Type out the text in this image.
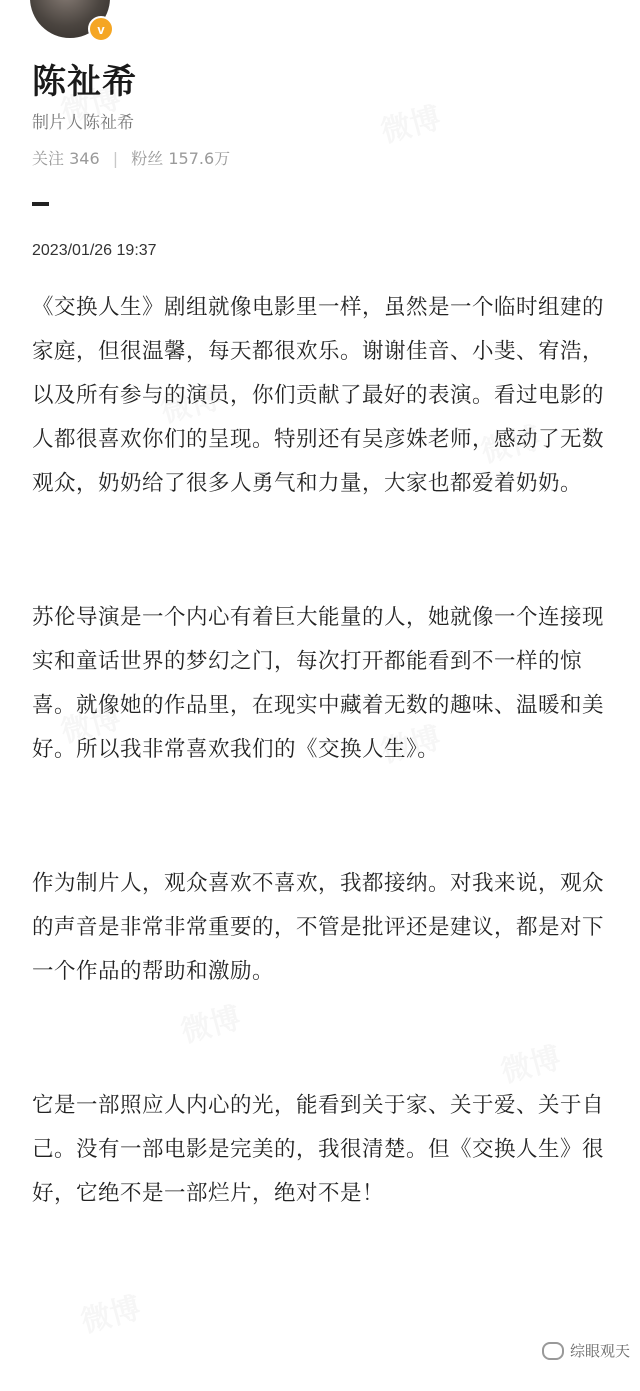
v
陈祉希
制片人陈祉希
关注 346 | 粉丝 157.6万
2023/01/26 19:37

《交换人生》剧组就像电影里一样，虽然是一个临时组建的家庭，但很温馨，每天都很欢乐。谢谢佳音、小斐、宥浩，以及所有参与的演员，你们贡献了最好的表演。看过电影的人都很喜欢你们的呈现。特别还有吴彦姝老师，感动了无数观众，奶奶给了很多人勇气和力量，大家也都爱着奶奶。

苏伦导演是一个内心有着巨大能量的人，她就像一个连接现实和童话世界的梦幻之门，每次打开都能看到不一样的惊喜。就像她的作品里，在现实中藏着无数的趣味、温暖和美好。所以我非常喜欢我们的《交换人生》。

作为制片人，观众喜欢不喜欢，我都接纳。对我来说，观众的声音是非常非常重要的，不管是批评还是建议，都是对下一个作品的帮助和激励。

它是一部照应人内心的光，能看到关于家、关于爱、关于自己。没有一部电影是完美的，我很清楚。但《交换人生》很好，它绝不是一部烂片，绝对不是！

综眼观天
